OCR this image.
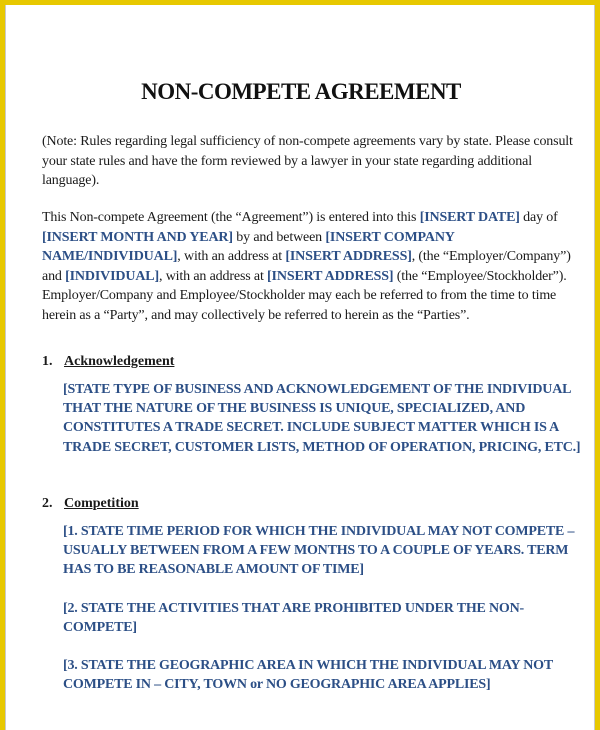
NON-COMPETE AGREEMENT
(Note: Rules regarding legal sufficiency of non-compete agreements vary by state. Please consult your state rules and have the form reviewed by a lawyer in your state regarding additional language).
This Non-compete Agreement (the “Agreement”) is entered into this [INSERT DATE] day of [INSERT MONTH AND YEAR] by and between [INSERT COMPANY NAME/INDIVIDUAL], with an address at [INSERT ADDRESS], (the “Employer/Company”) and [INDIVIDUAL], with an address at [INSERT ADDRESS] (the “Employee/Stockholder”). Employer/Company and Employee/Stockholder may each be referred to from the time to time herein as a “Party”, and may collectively be referred to herein as the “Parties”.
1. Acknowledgement
[STATE TYPE OF BUSINESS AND ACKNOWLEDGEMENT OF THE INDIVIDUAL THAT THE NATURE OF THE BUSINESS IS UNIQUE, SPECIALIZED, AND CONSTITUTES A TRADE SECRET. INCLUDE SUBJECT MATTER WHICH IS A TRADE SECRET, CUSTOMER LISTS, METHOD OF OPERATION, PRICING, ETC.]
2. Competition
[1. STATE TIME PERIOD FOR WHICH THE INDIVIDUAL MAY NOT COMPETE – USUALLY BETWEEN FROM A FEW MONTHS TO A COUPLE OF YEARS. TERM HAS TO BE REASONABLE AMOUNT OF TIME]
[2. STATE THE ACTIVITIES THAT ARE PROHIBITED UNDER THE NON-COMPETE]
[3. STATE THE GEOGRAPHIC AREA IN WHICH THE INDIVIDUAL MAY NOT COMPETE IN – CITY, TOWN or NO GEOGRAPHIC AREA APPLIES]
